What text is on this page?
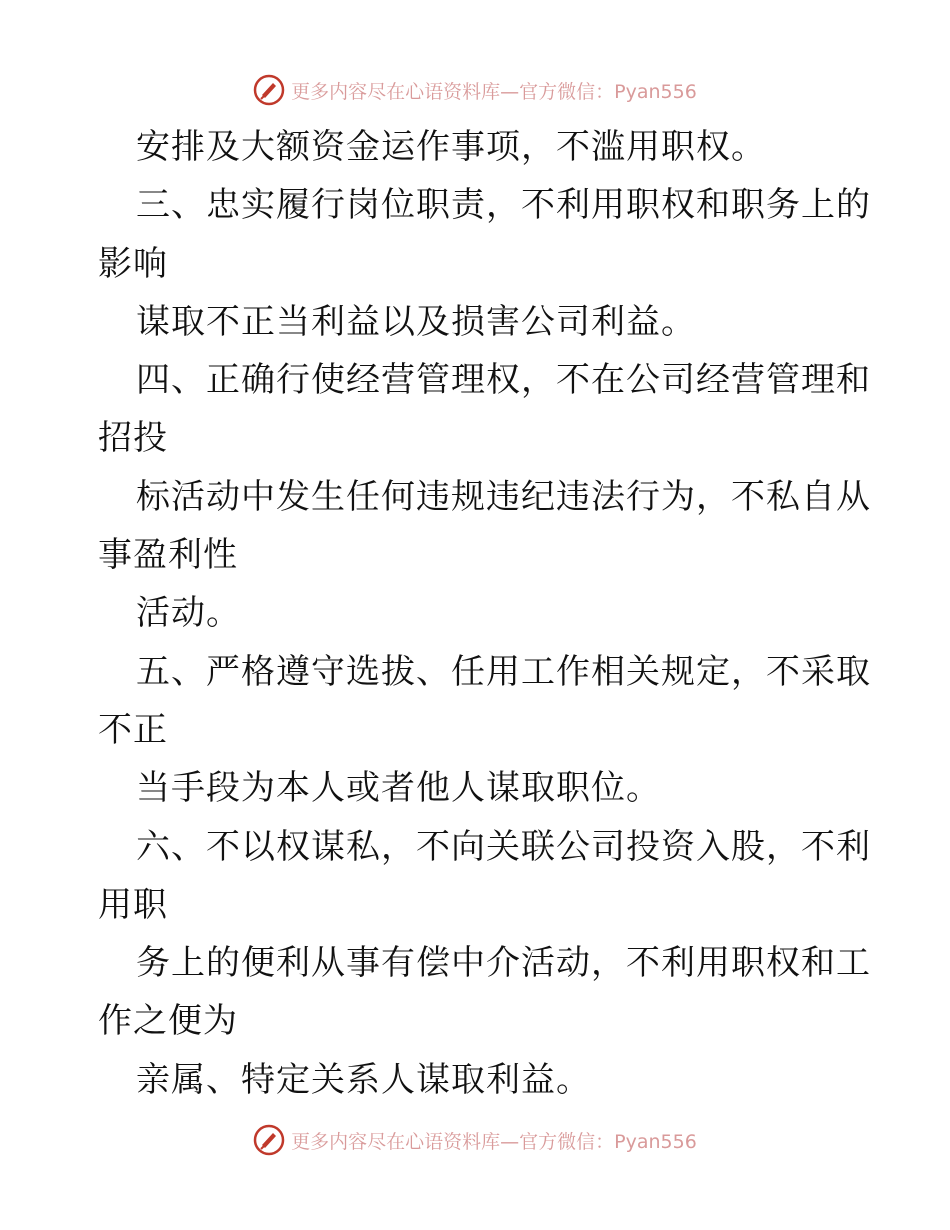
更多内容尽在心语资料库—官方微信：Pyan556
安排及大额资金运作事项，不滥用职权。
三、忠实履行岗位职责，不利用职权和职务上的
影响
谋取不正当利益以及损害公司利益。
四、正确行使经营管理权，不在公司经营管理和
招投
标活动中发生任何违规违纪违法行为，不私自从
事盈利性
活动。
五、严格遵守选拔、任用工作相关规定，不采取
不正
当手段为本人或者他人谋取职位。
六、不以权谋私，不向关联公司投资入股，不利
用职
务上的便利从事有偿中介活动，不利用职权和工
作之便为
亲属、特定关系人谋取利益。
更多内容尽在心语资料库—官方微信：Pyan556
